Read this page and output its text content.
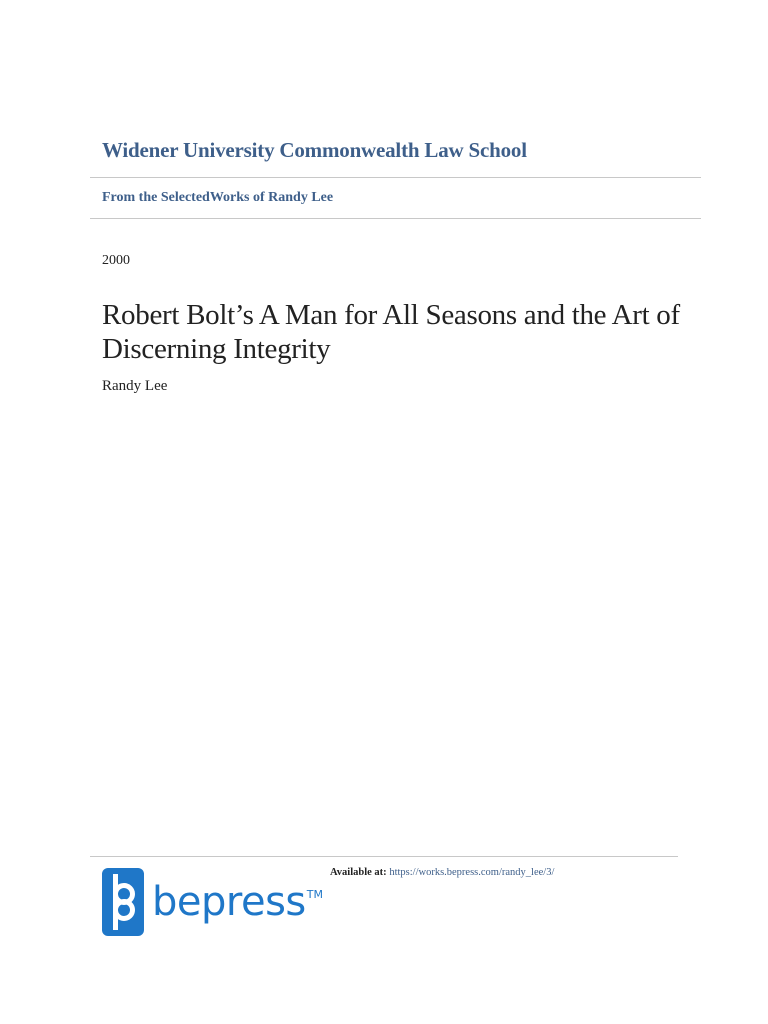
Widener University Commonwealth Law School
From the SelectedWorks of Randy Lee
2000
Robert Bolt’s A Man for All Seasons and the Art of Discerning Integrity
Randy Lee
bepress TM
Available at: https://works.bepress.com/randy_lee/3/
